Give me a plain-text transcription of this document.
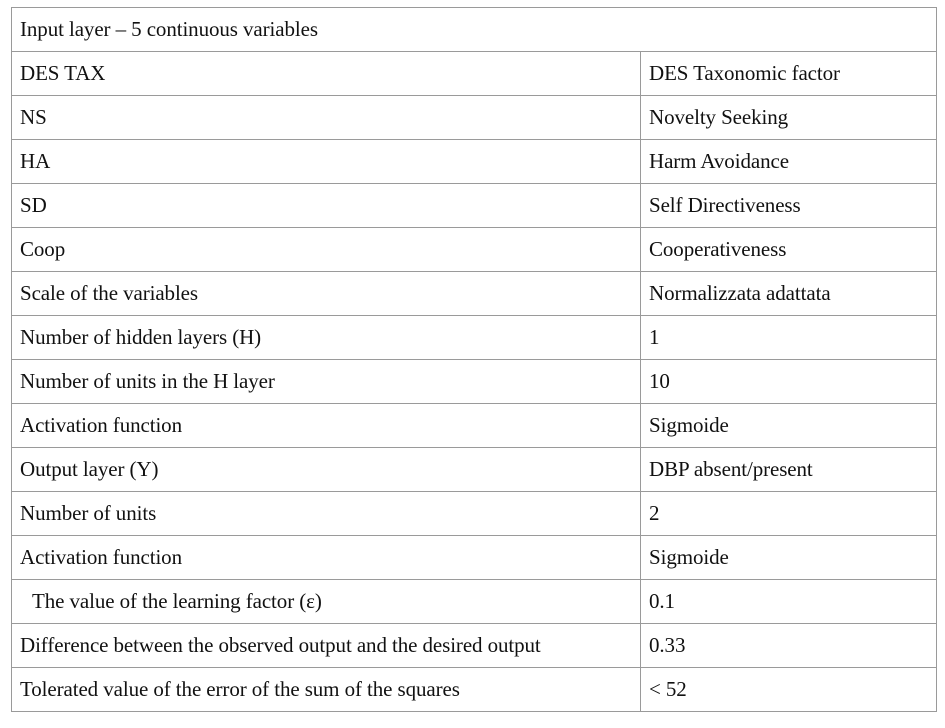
Input layer – 5 continuous variables	
DES TAX	DES Taxonomic factor
NS	Novelty Seeking
HA	Harm Avoidance
SD	Self Directiveness
Coop	Cooperativeness
Scale of the variables	Normalizzata adattata
Number of hidden layers (H)	1
Number of units in the H layer	10
Activation function	Sigmoide
Output layer (Y)	DBP absent/present
Number of units	2
Activation function	Sigmoide
The value of the learning factor (ε)	0.1
Difference between the observed output and the desired output	0.33
Tolerated value of the error of the sum of the squares	< 52
